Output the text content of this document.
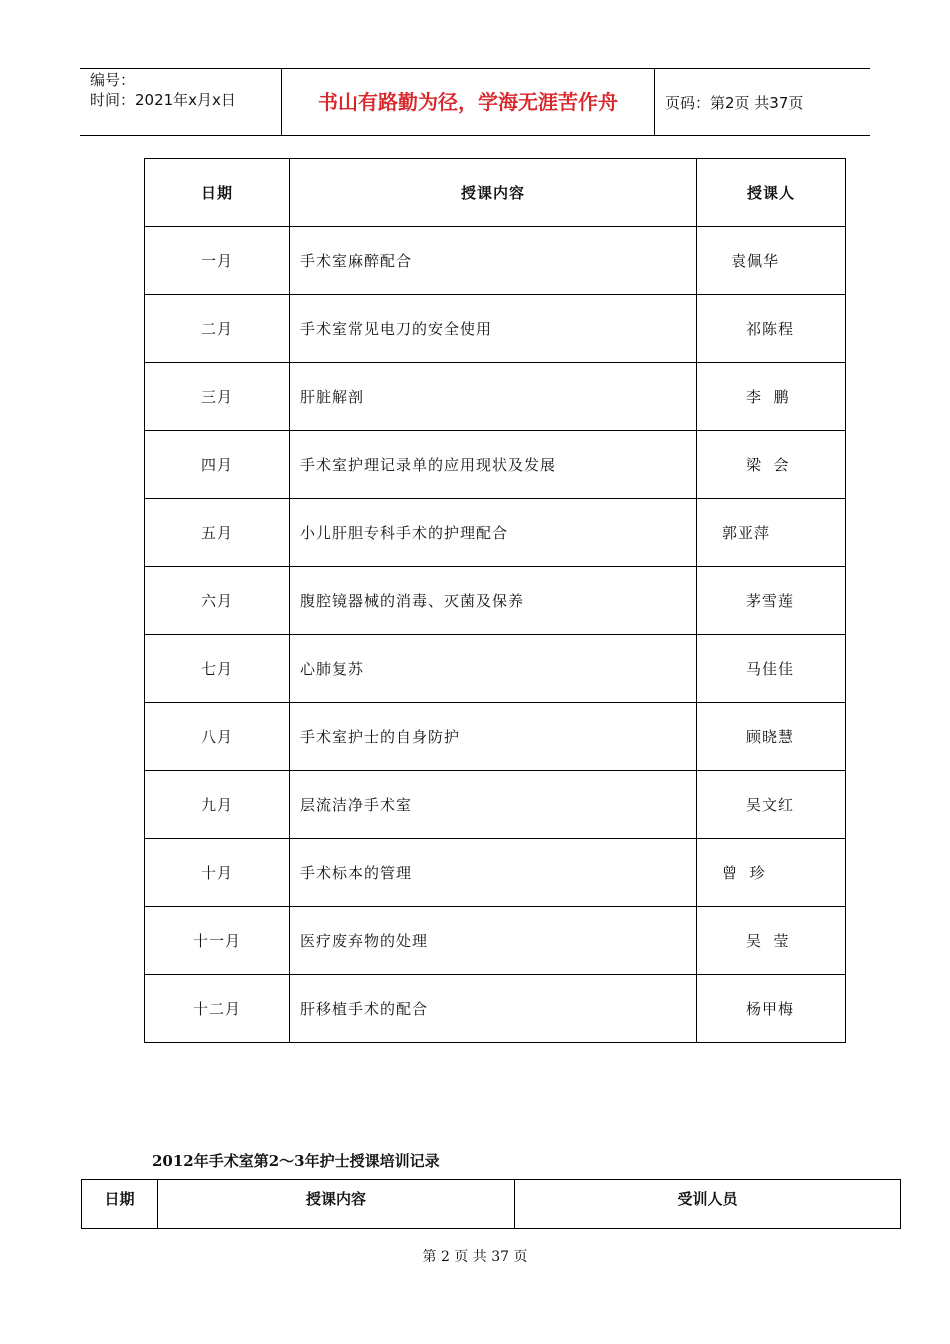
编号：
时间：2021年x月x日	书山有路勤为径，学海无涯苦作舟	页码：第2页 共37页
日期	授课内容	授课人
一月	手术室麻醉配合	袁佩华
二月	手术室常见电刀的安全使用	祁陈程
三月	肝脏解剖	李  鹏
四月	手术室护理记录单的应用现状及发展	梁  会
五月	小儿肝胆专科手术的护理配合	郭亚萍
六月	腹腔镜器械的消毒、灭菌及保养	茅雪莲
七月	心肺复苏	马佳佳
八月	手术室护士的自身防护	顾晓慧
九月	层流洁净手术室	吴文红
十月	手术标本的管理	曾  珍
十一月	医疗废弃物的处理	吴  莹
十二月	肝移植手术的配合	杨甲梅
2012年手术室第2～3年护士授课培训记录
日期	授课内容	受训人员
第 2 页 共 37 页
